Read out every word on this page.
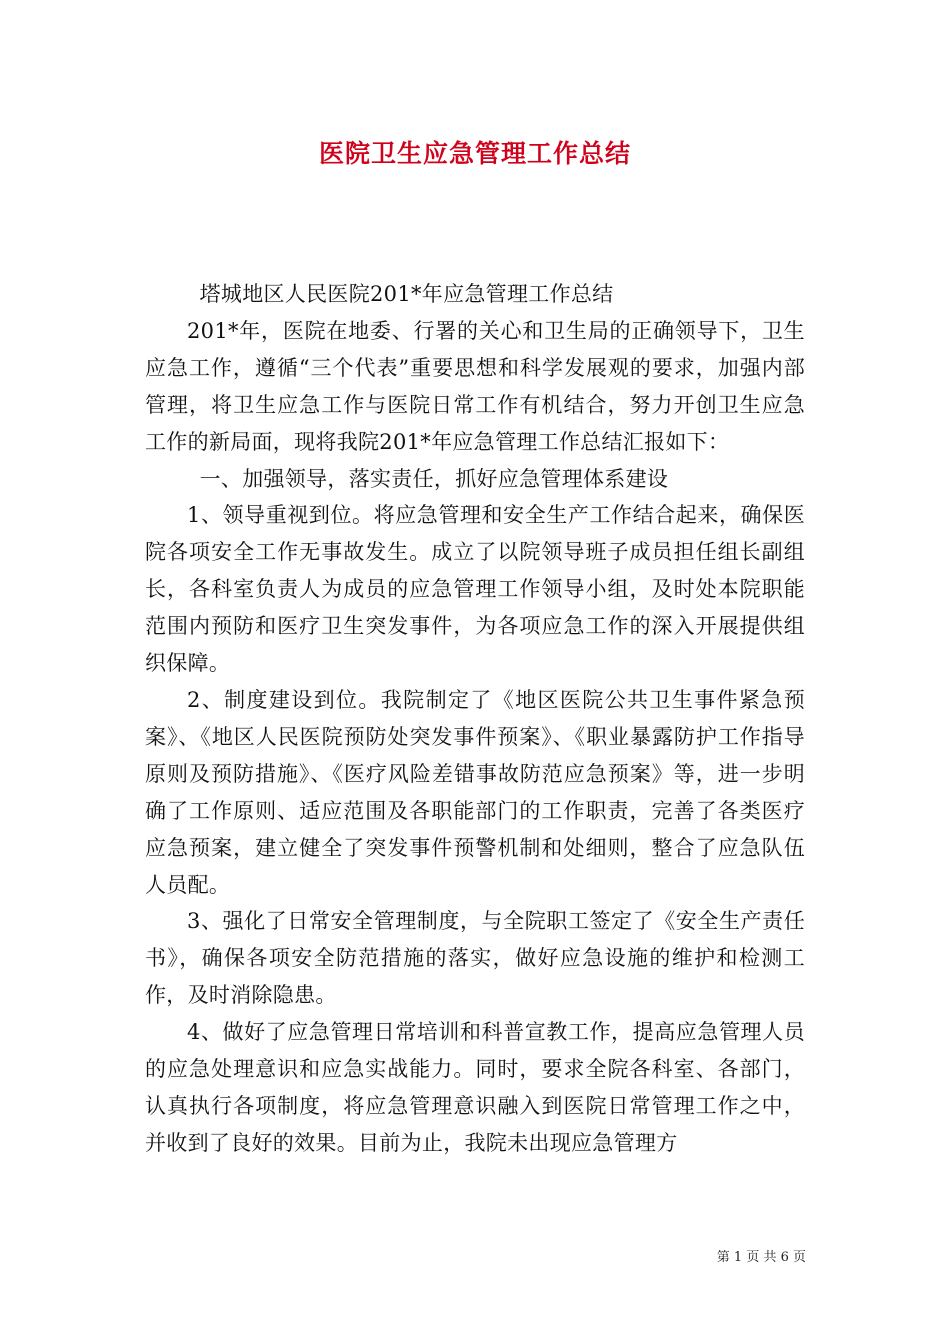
医院卫生应急管理工作总结

塔城地区人民医院201*年应急管理工作总结

201*年，医院在地委、行署的关心和卫生局的正确领导下，卫生应急工作，遵循“三个代表”重要思想和科学发展观的要求，加强内部管理，将卫生应急工作与医院日常工作有机结合，努力开创卫生应急工作的新局面，现将我院201*年应急管理工作总结汇报如下：

一、加强领导，落实责任，抓好应急管理体系建设

1、领导重视到位。将应急管理和安全生产工作结合起来，确保医院各项安全工作无事故发生。成立了以院领导班子成员担任组长副组长，各科室负责人为成员的应急管理工作领导小组，及时处本院职能范围内预防和医疗卫生突发事件，为各项应急工作的深入开展提供组织保障。

2、制度建设到位。我院制定了《地区医院公共卫生事件紧急预案》、《地区人民医院预防处突发事件预案》、《职业暴露防护工作指导原则及预防措施》、《医疗风险差错事故防范应急预案》等，进一步明确了工作原则、适应范围及各职能部门的工作职责，完善了各类医疗应急预案，建立健全了突发事件预警机制和处细则，整合了应急队伍人员配。

3、强化了日常安全管理制度，与全院职工签定了《安全生产责任书》，确保各项安全防范措施的落实，做好应急设施的维护和检测工作，及时消除隐患。

4、做好了应急管理日常培训和科普宣教工作，提高应急管理人员的应急处理意识和应急实战能力。同时，要求全院各科室、各部门，认真执行各项制度，将应急管理意识融入到医院日常管理工作之中，并收到了良好的效果。目前为止，我院未出现应急管理方

第 1 页 共 6 页
